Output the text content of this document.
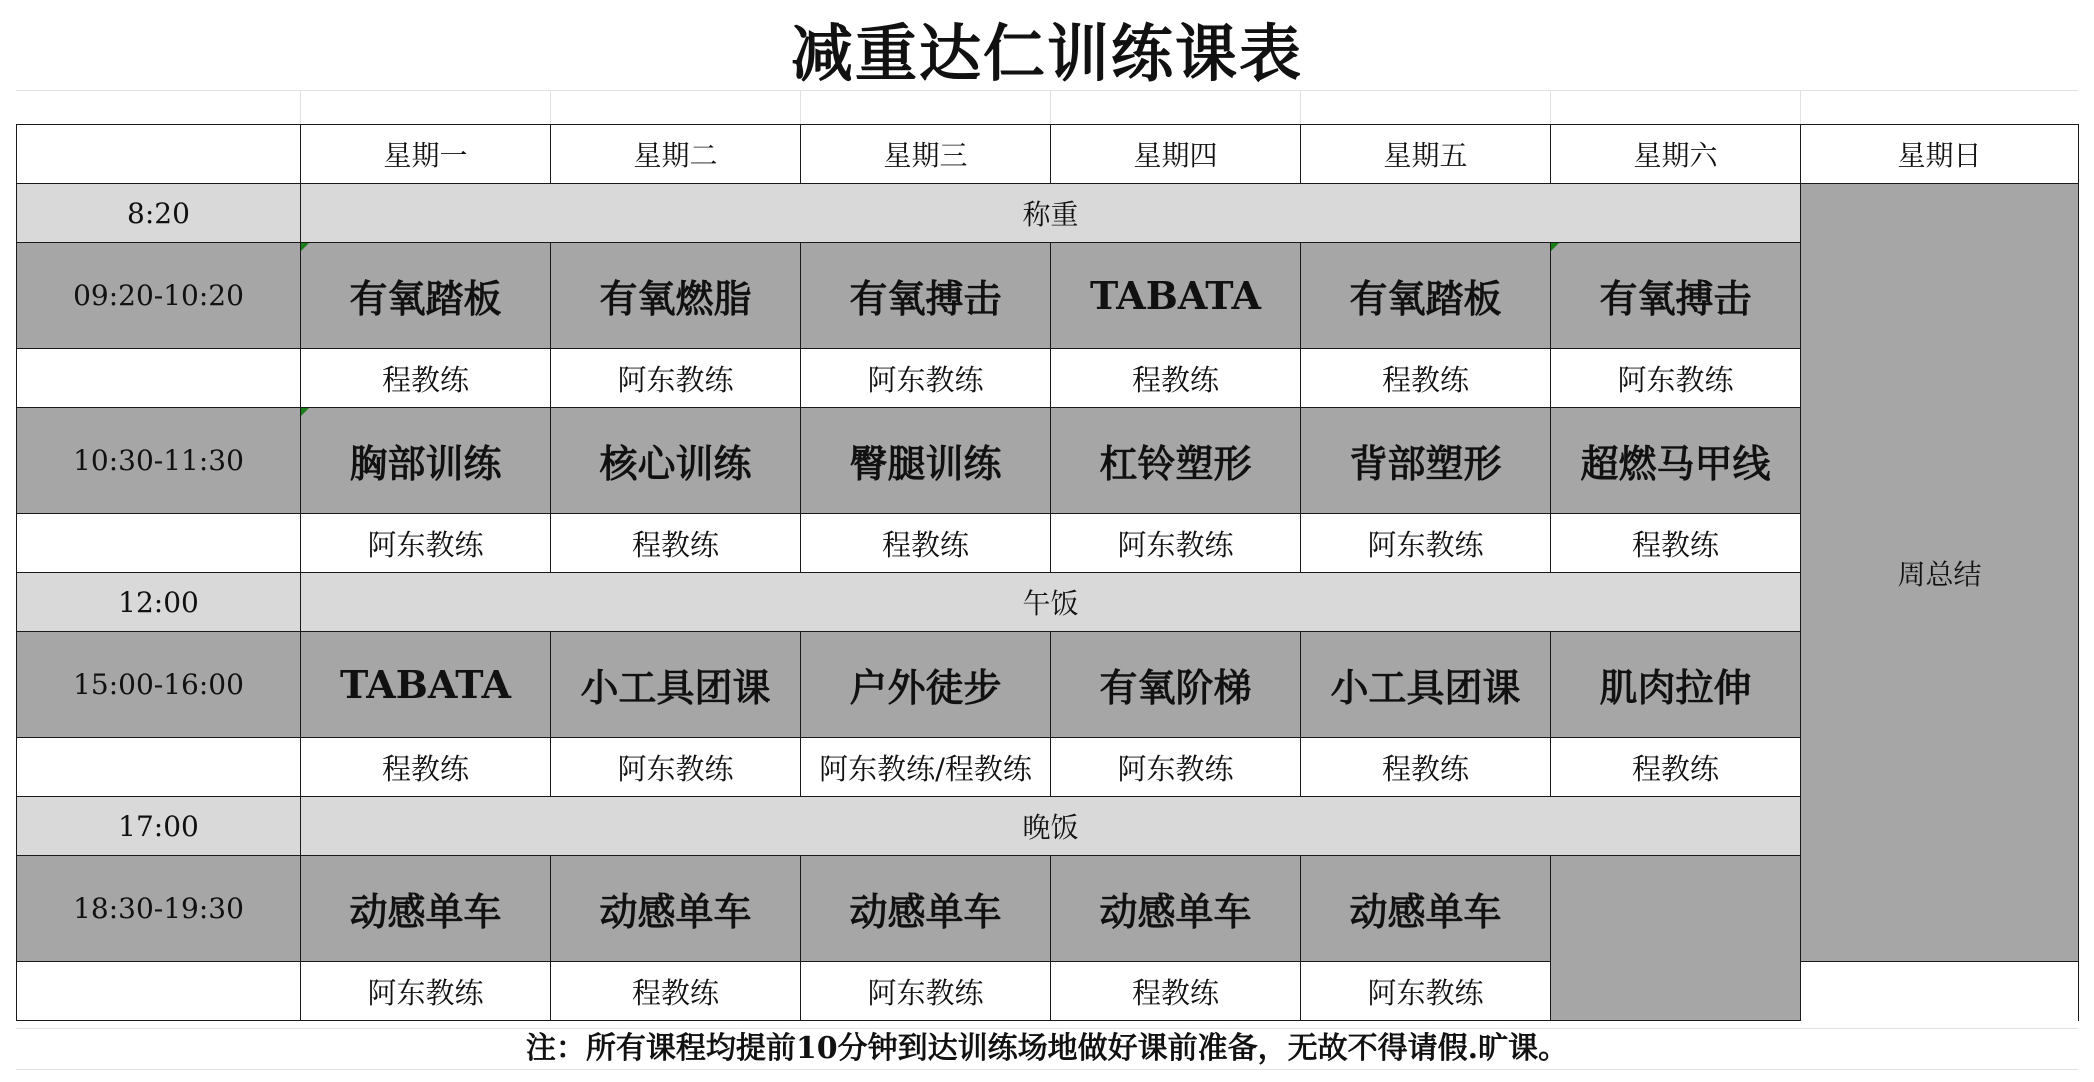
减重达仁训练课表
	星期一	星期二	星期三	星期四	星期五	星期六	星期日	
8:20	称重						周总结	
09:20-10:20	有氧踏板	有氧燃脂	有氧搏击	TABATA	有氧踏板	有氧搏击		
	程教练	阿东教练	阿东教练	程教练	程教练	阿东教练		
10:30-11:30	胸部训练	核心训练	臀腿训练	杠铃塑形	背部塑形	超燃马甲线		
	阿东教练	程教练	程教练	阿东教练	阿东教练	程教练		
12:00	午饭							
15:00-16:00	TABATA	小工具团课	户外徒步	有氧阶梯	小工具团课	肌肉拉伸		
	程教练	阿东教练	阿东教练/程教练	阿东教练	程教练	程教练		
17:00	晚饭	
18:30-19:30	动感单车	动感单车	动感单车	动感单车	动感单车			
	阿东教练	程教练	阿东教练	程教练	阿东教练			
注：所有课程均提前10分钟到达训练场地做好课前准备，无故不得请假.旷课。
